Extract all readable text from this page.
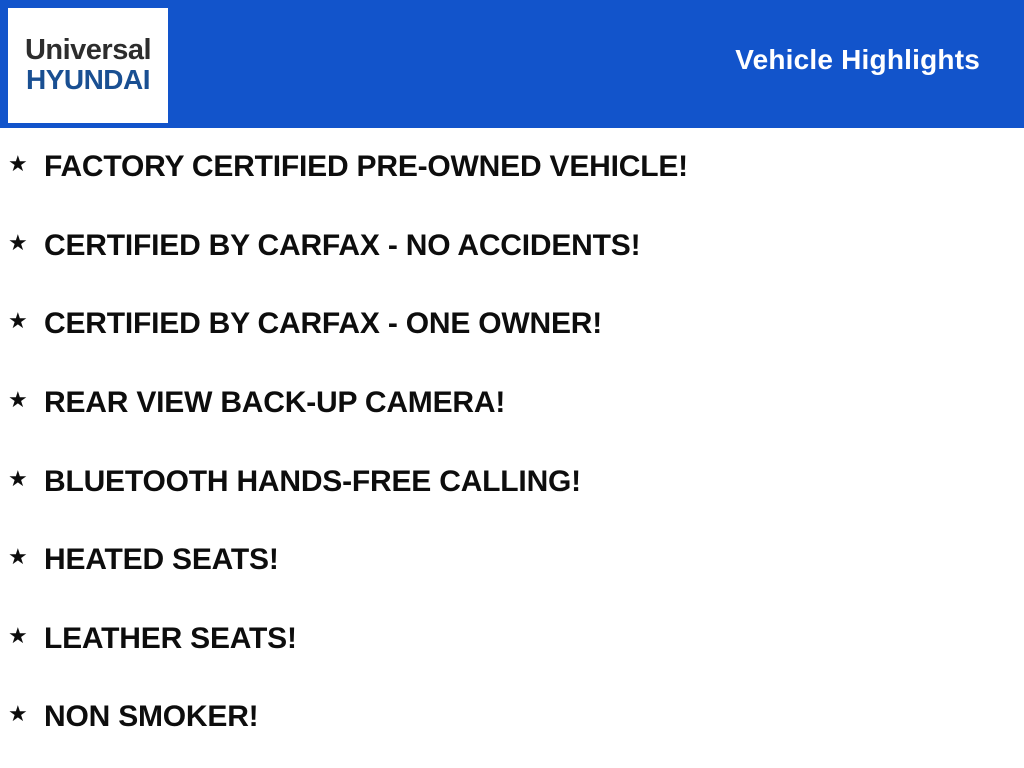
Universal
HYUNDAI
Vehicle Highlights
★ FACTORY CERTIFIED PRE-OWNED VEHICLE!
★ CERTIFIED BY CARFAX - NO ACCIDENTS!
★ CERTIFIED BY CARFAX - ONE OWNER!
★ REAR VIEW BACK-UP CAMERA!
★ BLUETOOTH HANDS-FREE CALLING!
★ HEATED SEATS!
★ LEATHER SEATS!
★ NON SMOKER!
